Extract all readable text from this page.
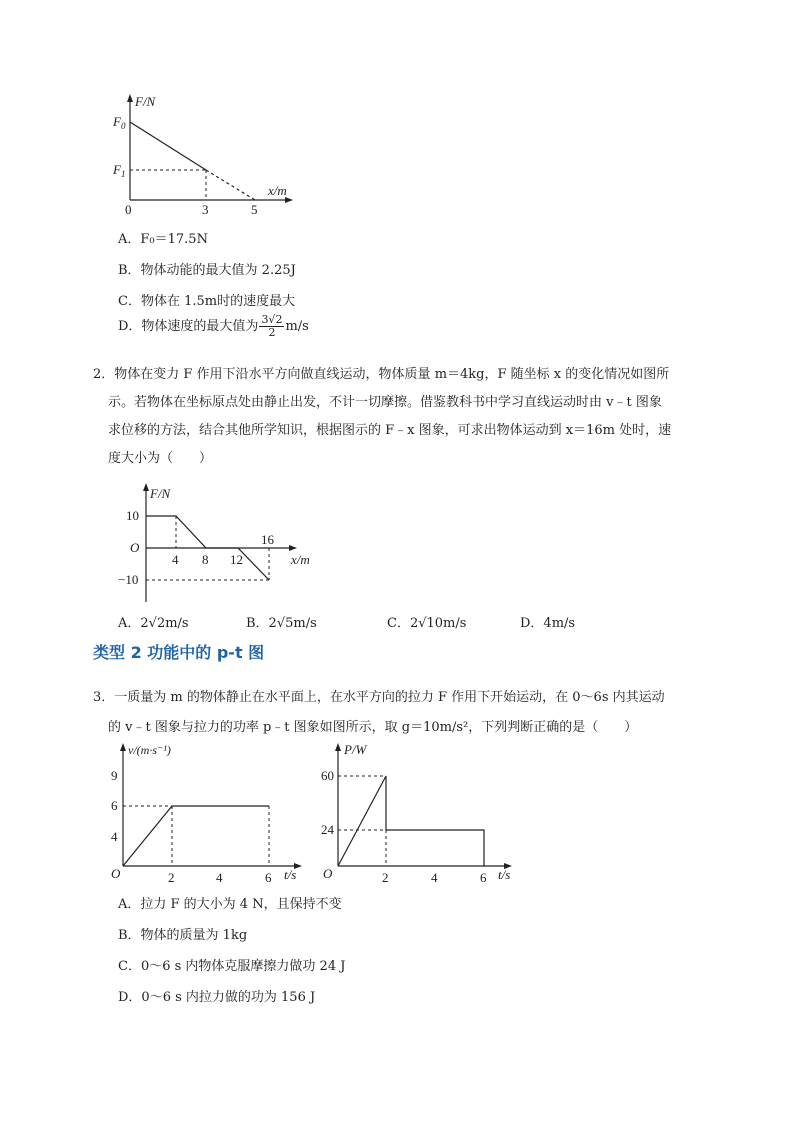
F/N
x/m
$F_0$
$F_1$
0	3	5
A．F₀＝17.5N
B．物体动能的最大值为 2.25J
C．物体在 1.5m时的速度最大
D．物体速度的最大值为 $\frac{3√2}{2} m/s$
2．物体在变力 F 作用下沿水平方向做直线运动，物体质量 m＝4kg，F 随坐标 x 的变化情况如图所
示。若物体在坐标原点处由静止出发，不计一切摩擦。借鉴教科书中学习直线运动时由 v﹣t 图象
求位移的方法，结合其他所学知识，根据图示的 F﹣x 图象，可求出物体运动到 x＝16m 处时，速
度大小为（　　）
F/N
x/m
10
O
−10
4 8 12
16
A．2√2m/s	B．2√5m/s	C．2√10m/s	D．4m/s
类型 2 功能中的 p-t 图
3．一质量为 m 的物体静止在水平面上，在水平方向的拉力 F 作用下开始运动，在 0～6s 内其运动
的 v﹣t 图象与拉力的功率 p﹣t 图象如图所示，取 g＝10m/s²，下列判断正确的是（　　）
v/(m·s⁻¹)
t/s
9
6
4
O	2	4	6
P/W
t/s
60
24
O	2	4	6
A．拉力 F 的大小为 4 N，且保持不变
B．物体的质量为 1kg
C．0～6 s 内物体克服摩擦力做功 24 J
D．0～6 s 内拉力做的功为 156 J
